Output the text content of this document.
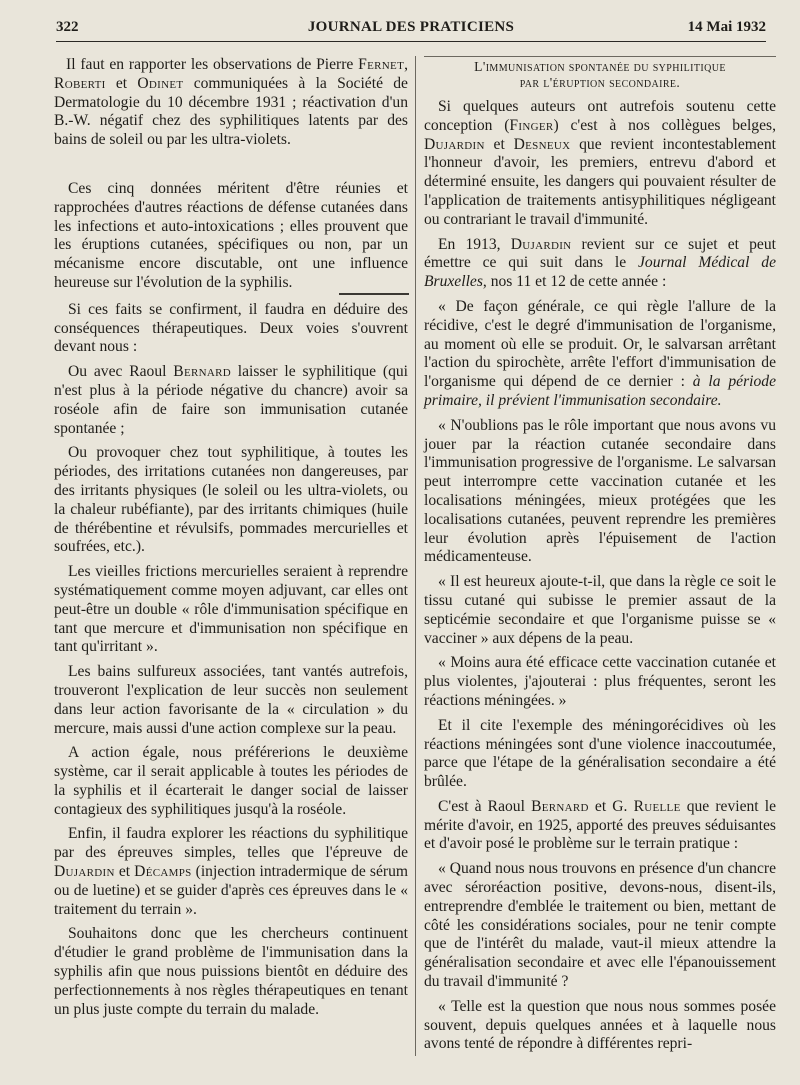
322	JOURNAL DES PRATICIENS	14 Mai 1932

Il faut en rapporter les observations de Pierre Fernet, Roberti et Odinet communiquées à la Société de Dermatologie du 10 décembre 1931 ; réactivation d'un B.-W. négatif chez des syphilitiques latents par des bains de soleil ou par les ultra-violets.

Ces cinq données méritent d'être réunies et rapprochées d'autres réactions de défense cutanées dans les infections et auto-intoxications ; elles prouvent que les éruptions cutanées, spécifiques ou non, par un mécanisme encore discutable, ont une influence heureuse sur l'évolution de la syphilis.

Si ces faits se confirment, il faudra en déduire des conséquences thérapeutiques. Deux voies s'ouvrent devant nous :

Ou avec Raoul Bernard laisser le syphilitique (qui n'est plus à la période négative du chancre) avoir sa roséole afin de faire son immunisation cutanée spontanée ;

Ou provoquer chez tout syphilitique, à toutes les périodes, des irritations cutanées non dangereuses, par des irritants physiques (le soleil ou les ultra-violets, ou la chaleur rubéfiante), par des irritants chimiques (huile de thérébentine et révulsifs, pommades mercurielles et soufrées, etc.).

Les vieilles frictions mercurielles seraient à reprendre systématiquement comme moyen adjuvant, car elles ont peut-être un double « rôle d'immunisation spécifique en tant que mercure et d'immunisation non spécifique en tant qu'irritant ».

Les bains sulfureux associées, tant vantés autrefois, trouveront l'explication de leur succès non seulement dans leur action favorisante de la « circulation » du mercure, mais aussi d'une action complexe sur la peau.

A action égale, nous préférerions le deuxième système, car il serait applicable à toutes les périodes de la syphilis et il écarterait le danger social de laisser contagieux des syphilitiques jusqu'à la roséole.

Enfin, il faudra explorer les réactions du syphilitique par des épreuves simples, telles que l'épreuve de Dujardin et Décamps (injection intradermique de sérum ou de luetine) et se guider d'après ces épreuves dans le « traitement du terrain ».

Souhaitons donc que les chercheurs continuent d'étudier le grand problème de l'immunisation dans la syphilis afin que nous puissions bientôt en déduire des perfectionnements à nos règles thérapeutiques en tenant un plus juste compte du terrain du malade.

L'immunisation spontanée du syphilitique
par l'éruption secondaire.

Si quelques auteurs ont autrefois soutenu cette conception (Finger) c'est à nos collègues belges, Dujardin et Desneux que revient incontestablement l'honneur d'avoir, les premiers, entrevu d'abord et déterminé ensuite, les dangers qui pouvaient résulter de l'application de traitements antisyphilitiques négligeant ou contrariant le travail d'immunité.

En 1913, Dujardin revient sur ce sujet et peut émettre ce qui suit dans le Journal Médical de Bruxelles, nos 11 et 12 de cette année :

« De façon générale, ce qui règle l'allure de la récidive, c'est le degré d'immunisation de l'organisme, au moment où elle se produit. Or, le salvarsan arrêtant l'action du spirochète, arrête l'effort d'immunisation de l'organisme qui dépend de ce dernier : à la période primaire, il prévient l'immunisation secondaire.

« N'oublions pas le rôle important que nous avons vu jouer par la réaction cutanée secondaire dans l'immunisation progressive de l'organisme. Le salvarsan peut interrompre cette vaccination cutanée et les localisations méningées, mieux protégées que les localisations cutanées, peuvent reprendre les premières leur évolution après l'épuisement de l'action médicamenteuse.

« Il est heureux ajoute-t-il, que dans la règle ce soit le tissu cutané qui subisse le premier assaut de la septicémie secondaire et que l'organisme puisse se « vacciner » aux dépens de la peau.

« Moins aura été efficace cette vaccination cutanée et plus violentes, j'ajouterai : plus fréquentes, seront les réactions méningées. »

Et il cite l'exemple des méningorécidives où les réactions méningées sont d'une violence inaccoutumée, parce que l'étape de la généralisation secondaire a été brûlée.

C'est à Raoul Bernard et G. Ruelle que revient le mérite d'avoir, en 1925, apporté des preuves séduisantes et d'avoir posé le problème sur le terrain pratique :

« Quand nous nous trouvons en présence d'un chancre avec séroréaction positive, devons-nous, disent-ils, entreprendre d'emblée le traitement ou bien, mettant de côté les considérations sociales, pour ne tenir compte que de l'intérêt du malade, vaut-il mieux attendre la généralisation secondaire et avec elle l'épanouissement du travail d'immunité ?

« Telle est la question que nous nous sommes posée souvent, depuis quelques années et à laquelle nous avons tenté de répondre à différentes repri-
